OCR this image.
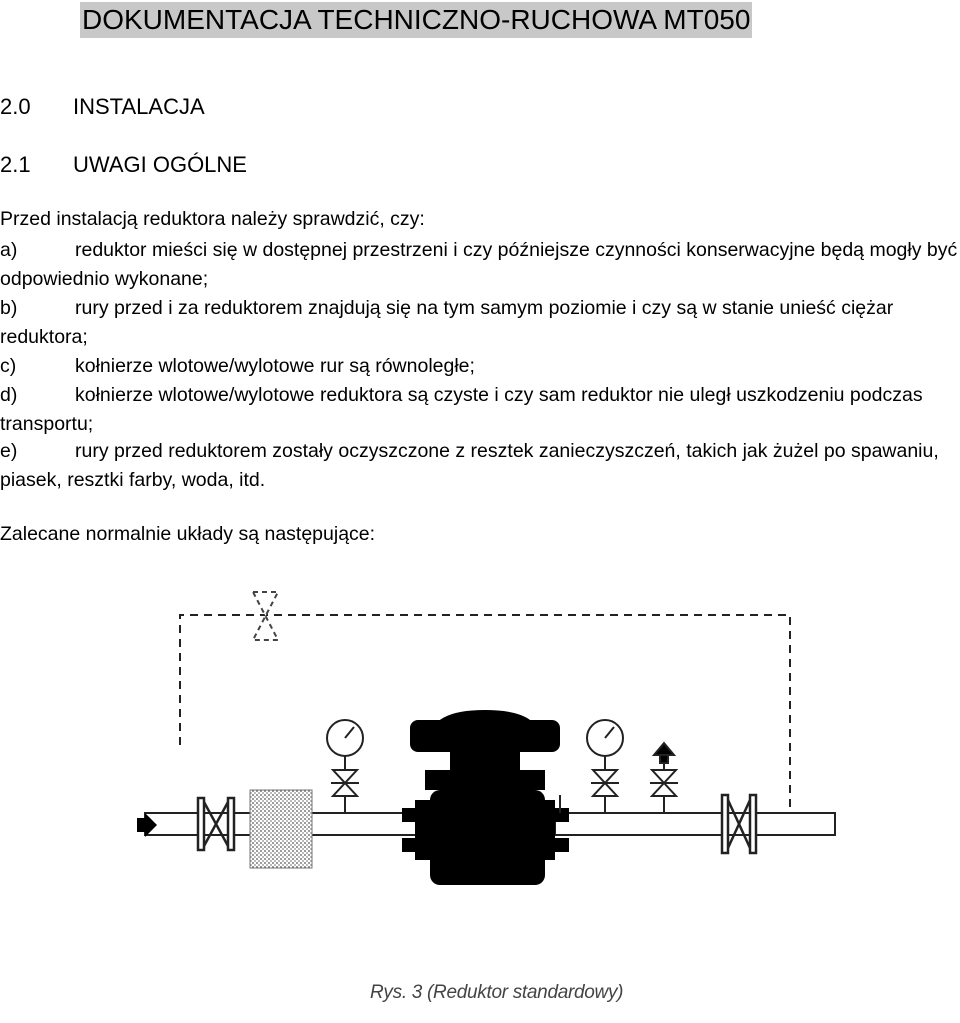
DOKUMENTACJA TECHNICZNO-RUCHOWA MT050
2.0 INSTALACJA
2.1 UWAGI OGÓLNE
Przed instalacją reduktora należy sprawdzić, czy:
a)	reduktor mieści się w dostępnej przestrzeni i czy późniejsze czynności konserwacyjne będą mogły być odpowiednio wykonane;
b)	rury przed i za reduktorem znajdują się na tym samym poziomie i czy są w stanie unieść ciężar reduktora;
c)	kołnierze wlotowe/wylotowe rur są równoległe;
d)	kołnierze wlotowe/wylotowe reduktora są czyste i czy sam reduktor nie uległ uszkodzeniu podczas transportu;
e)	rury przed reduktorem zostały oczyszczone z resztek zanieczyszczeń, takich jak żużel po spawaniu, piasek, resztki farby, woda, itd.
Zalecane normalnie układy są następujące:
Rys. 3 (Reduktor standardowy)
